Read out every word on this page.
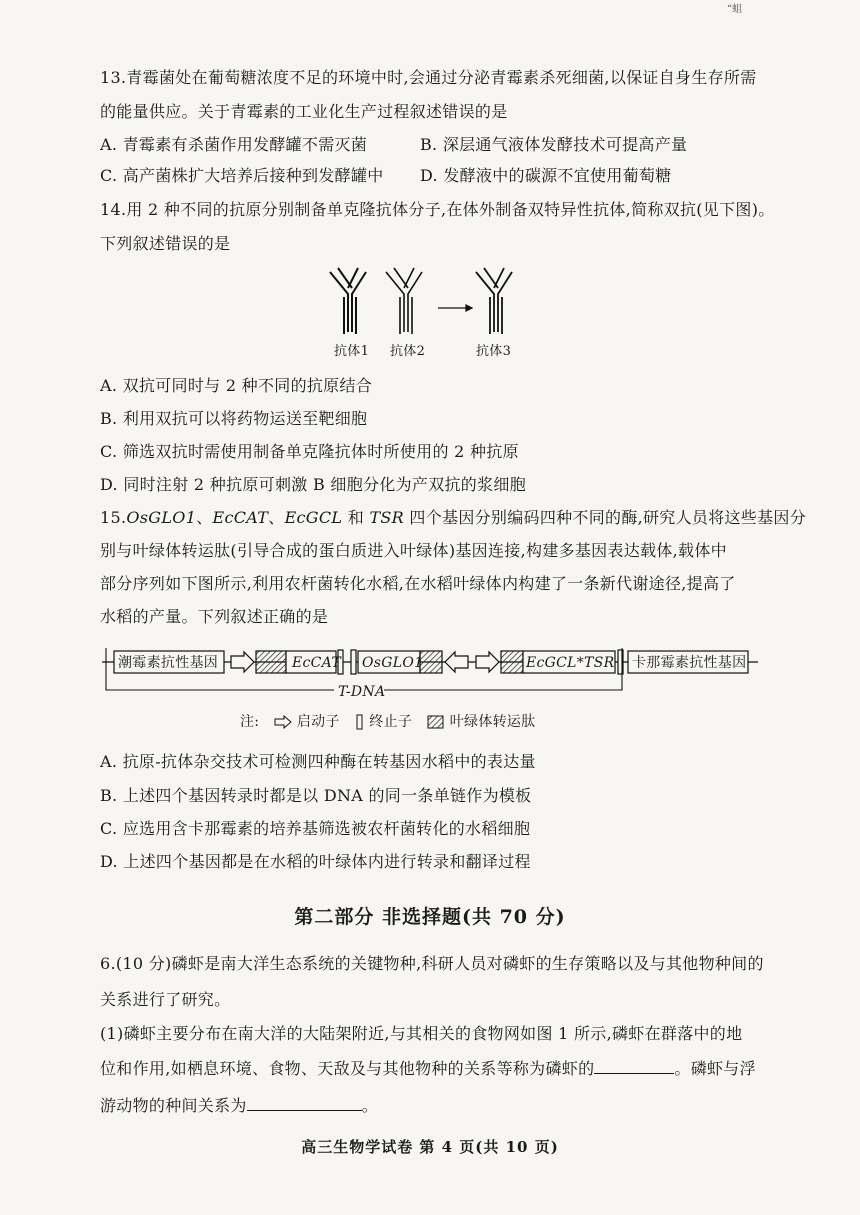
“蛆
13.青霉菌处在葡萄糖浓度不足的环境中时,会通过分泌青霉素杀死细菌,以保证自身生存所需
的能量供应。关于青霉素的工业化生产过程叙述错误的是
A. 青霉素有杀菌作用发酵罐不需灭菌	B. 深层通气液体发酵技术可提高产量
C. 高产菌株扩大培养后接种到发酵罐中 D. 发酵液中的碳源不宜使用葡萄糖
14.用 2 种不同的抗原分别制备单克隆抗体分子,在体外制备双特异性抗体,简称双抗(见下图)。
下列叙述错误的是
抗体1 抗体2	抗体3
A. 双抗可同时与 2 种不同的抗原结合
B. 利用双抗可以将药物运送至靶细胞
C. 筛选双抗时需使用制备单克隆抗体时所使用的 2 种抗原
D. 同时注射 2 种抗原可刺激 B 细胞分化为产双抗的浆细胞
15.OsGLO1、EcCAT、EcGCL 和 TSR 四个基因分别编码四种不同的酶,研究人员将这些基因分
别与叶绿体转运肽(引导合成的蛋白质进入叶绿体)基因连接,构建多基因表达载体,载体中
部分序列如下图所示,利用农杆菌转化水稻,在水稻叶绿体内构建了一条新代谢途径,提高了
水稻的产量。下列叙述正确的是
潮霉素抗性基因	EcCAT OsGLO1	EcGCL*TSR 卡那霉素抗性基因
T-DNA
注:	启动子 终止子	叶绿体转运肽
A. 抗原-抗体杂交技术可检测四种酶在转基因水稻中的表达量
B. 上述四个基因转录时都是以 DNA 的同一条单链作为模板
C. 应选用含卡那霉素的培养基筛选被农杆菌转化的水稻细胞
D. 上述四个基因都是在水稻的叶绿体内进行转录和翻译过程
第二部分 非选择题(共 70 分)
6.(10 分)磷虾是南大洋生态系统的关键物种,科研人员对磷虾的生存策略以及与其他物种间的
关系进行了研究。
(1)磷虾主要分布在南大洋的大陆架附近,与其相关的食物网如图 1 所示,磷虾在群落中的地
位和作用,如栖息环境、食物、天敌及与其他物种的关系等称为磷虾的	。磷虾与浮
游动物的种间关系为	。
高三生物学试卷 第 4 页(共 10 页)
